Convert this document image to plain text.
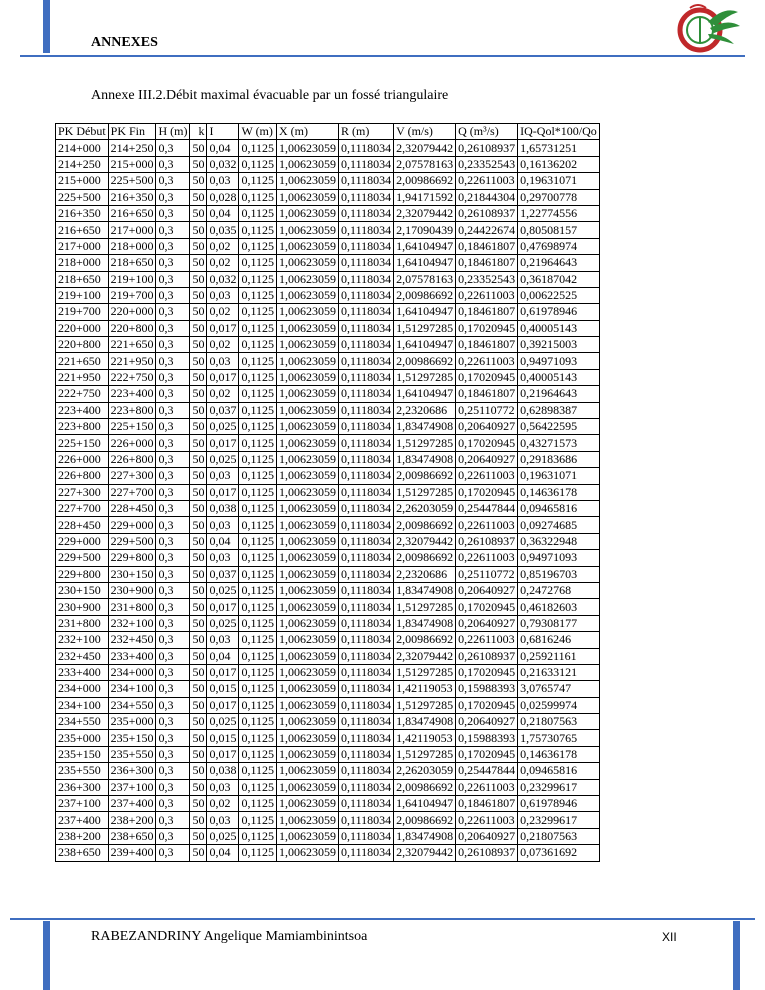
ANNEXES
Annexe III.2.Débit maximal évacuable par un fossé triangulaire
PK Début	PK Fin	H (m)	k	I	W (m)	X (m)	R (m)	V (m/s)	Q (m³/s)	IQ-Qol*100/Qo
214+000	214+250	0,3	50	0,04	0,1125	1,00623059	0,1118034	2,32079442	0,26108937	1,65731251
214+250	215+000	0,3	50	0,032	0,1125	1,00623059	0,1118034	2,07578163	0,23352543	0,16136202
215+000	225+500	0,3	50	0,03	0,1125	1,00623059	0,1118034	2,00986692	0,22611003	0,19631071
225+500	216+350	0,3	50	0,028	0,1125	1,00623059	0,1118034	1,94171592	0,21844304	0,29700778
216+350	216+650	0,3	50	0,04	0,1125	1,00623059	0,1118034	2,32079442	0,26108937	1,22774556
216+650	217+000	0,3	50	0,035	0,1125	1,00623059	0,1118034	2,17090439	0,24422674	0,80508157
217+000	218+000	0,3	50	0,02	0,1125	1,00623059	0,1118034	1,64104947	0,18461807	0,47698974
218+000	218+650	0,3	50	0,02	0,1125	1,00623059	0,1118034	1,64104947	0,18461807	0,21964643
218+650	219+100	0,3	50	0,032	0,1125	1,00623059	0,1118034	2,07578163	0,23352543	0,36187042
219+100	219+700	0,3	50	0,03	0,1125	1,00623059	0,1118034	2,00986692	0,22611003	0,00622525
219+700	220+000	0,3	50	0,02	0,1125	1,00623059	0,1118034	1,64104947	0,18461807	0,61978946
220+000	220+800	0,3	50	0,017	0,1125	1,00623059	0,1118034	1,51297285	0,17020945	0,40005143
220+800	221+650	0,3	50	0,02	0,1125	1,00623059	0,1118034	1,64104947	0,18461807	0,39215003
221+650	221+950	0,3	50	0,03	0,1125	1,00623059	0,1118034	2,00986692	0,22611003	0,94971093
221+950	222+750	0,3	50	0,017	0,1125	1,00623059	0,1118034	1,51297285	0,17020945	0,40005143
222+750	223+400	0,3	50	0,02	0,1125	1,00623059	0,1118034	1,64104947	0,18461807	0,21964643
223+400	223+800	0,3	50	0,037	0,1125	1,00623059	0,1118034	2,2320686	0,25110772	0,62898387
223+800	225+150	0,3	50	0,025	0,1125	1,00623059	0,1118034	1,83474908	0,20640927	0,56422595
225+150	226+000	0,3	50	0,017	0,1125	1,00623059	0,1118034	1,51297285	0,17020945	0,43271573
226+000	226+800	0,3	50	0,025	0,1125	1,00623059	0,1118034	1,83474908	0,20640927	0,29183686
226+800	227+300	0,3	50	0,03	0,1125	1,00623059	0,1118034	2,00986692	0,22611003	0,19631071
227+300	227+700	0,3	50	0,017	0,1125	1,00623059	0,1118034	1,51297285	0,17020945	0,14636178
227+700	228+450	0,3	50	0,038	0,1125	1,00623059	0,1118034	2,26203059	0,25447844	0,09465816
228+450	229+000	0,3	50	0,03	0,1125	1,00623059	0,1118034	2,00986692	0,22611003	0,09274685
229+000	229+500	0,3	50	0,04	0,1125	1,00623059	0,1118034	2,32079442	0,26108937	0,36322948
229+500	229+800	0,3	50	0,03	0,1125	1,00623059	0,1118034	2,00986692	0,22611003	0,94971093
229+800	230+150	0,3	50	0,037	0,1125	1,00623059	0,1118034	2,2320686	0,25110772	0,85196703
230+150	230+900	0,3	50	0,025	0,1125	1,00623059	0,1118034	1,83474908	0,20640927	0,2472768
230+900	231+800	0,3	50	0,017	0,1125	1,00623059	0,1118034	1,51297285	0,17020945	0,46182603
231+800	232+100	0,3	50	0,025	0,1125	1,00623059	0,1118034	1,83474908	0,20640927	0,79308177
232+100	232+450	0,3	50	0,03	0,1125	1,00623059	0,1118034	2,00986692	0,22611003	0,6816246
232+450	233+400	0,3	50	0,04	0,1125	1,00623059	0,1118034	2,32079442	0,26108937	0,25921161
233+400	234+000	0,3	50	0,017	0,1125	1,00623059	0,1118034	1,51297285	0,17020945	0,21633121
234+000	234+100	0,3	50	0,015	0,1125	1,00623059	0,1118034	1,42119053	0,15988393	3,0765747
234+100	234+550	0,3	50	0,017	0,1125	1,00623059	0,1118034	1,51297285	0,17020945	0,02599974
234+550	235+000	0,3	50	0,025	0,1125	1,00623059	0,1118034	1,83474908	0,20640927	0,21807563
235+000	235+150	0,3	50	0,015	0,1125	1,00623059	0,1118034	1,42119053	0,15988393	1,75730765
235+150	235+550	0,3	50	0,017	0,1125	1,00623059	0,1118034	1,51297285	0,17020945	0,14636178
235+550	236+300	0,3	50	0,038	0,1125	1,00623059	0,1118034	2,26203059	0,25447844	0,09465816
236+300	237+100	0,3	50	0,03	0,1125	1,00623059	0,1118034	2,00986692	0,22611003	0,23299617
237+100	237+400	0,3	50	0,02	0,1125	1,00623059	0,1118034	1,64104947	0,18461807	0,61978946
237+400	238+200	0,3	50	0,03	0,1125	1,00623059	0,1118034	2,00986692	0,22611003	0,23299617
238+200	238+650	0,3	50	0,025	0,1125	1,00623059	0,1118034	1,83474908	0,20640927	0,21807563
238+650	239+400	0,3	50	0,04	0,1125	1,00623059	0,1118034	2,32079442	0,26108937	0,07361692
RABEZANDRINY Angelique Mamiambinintsoa	XII
